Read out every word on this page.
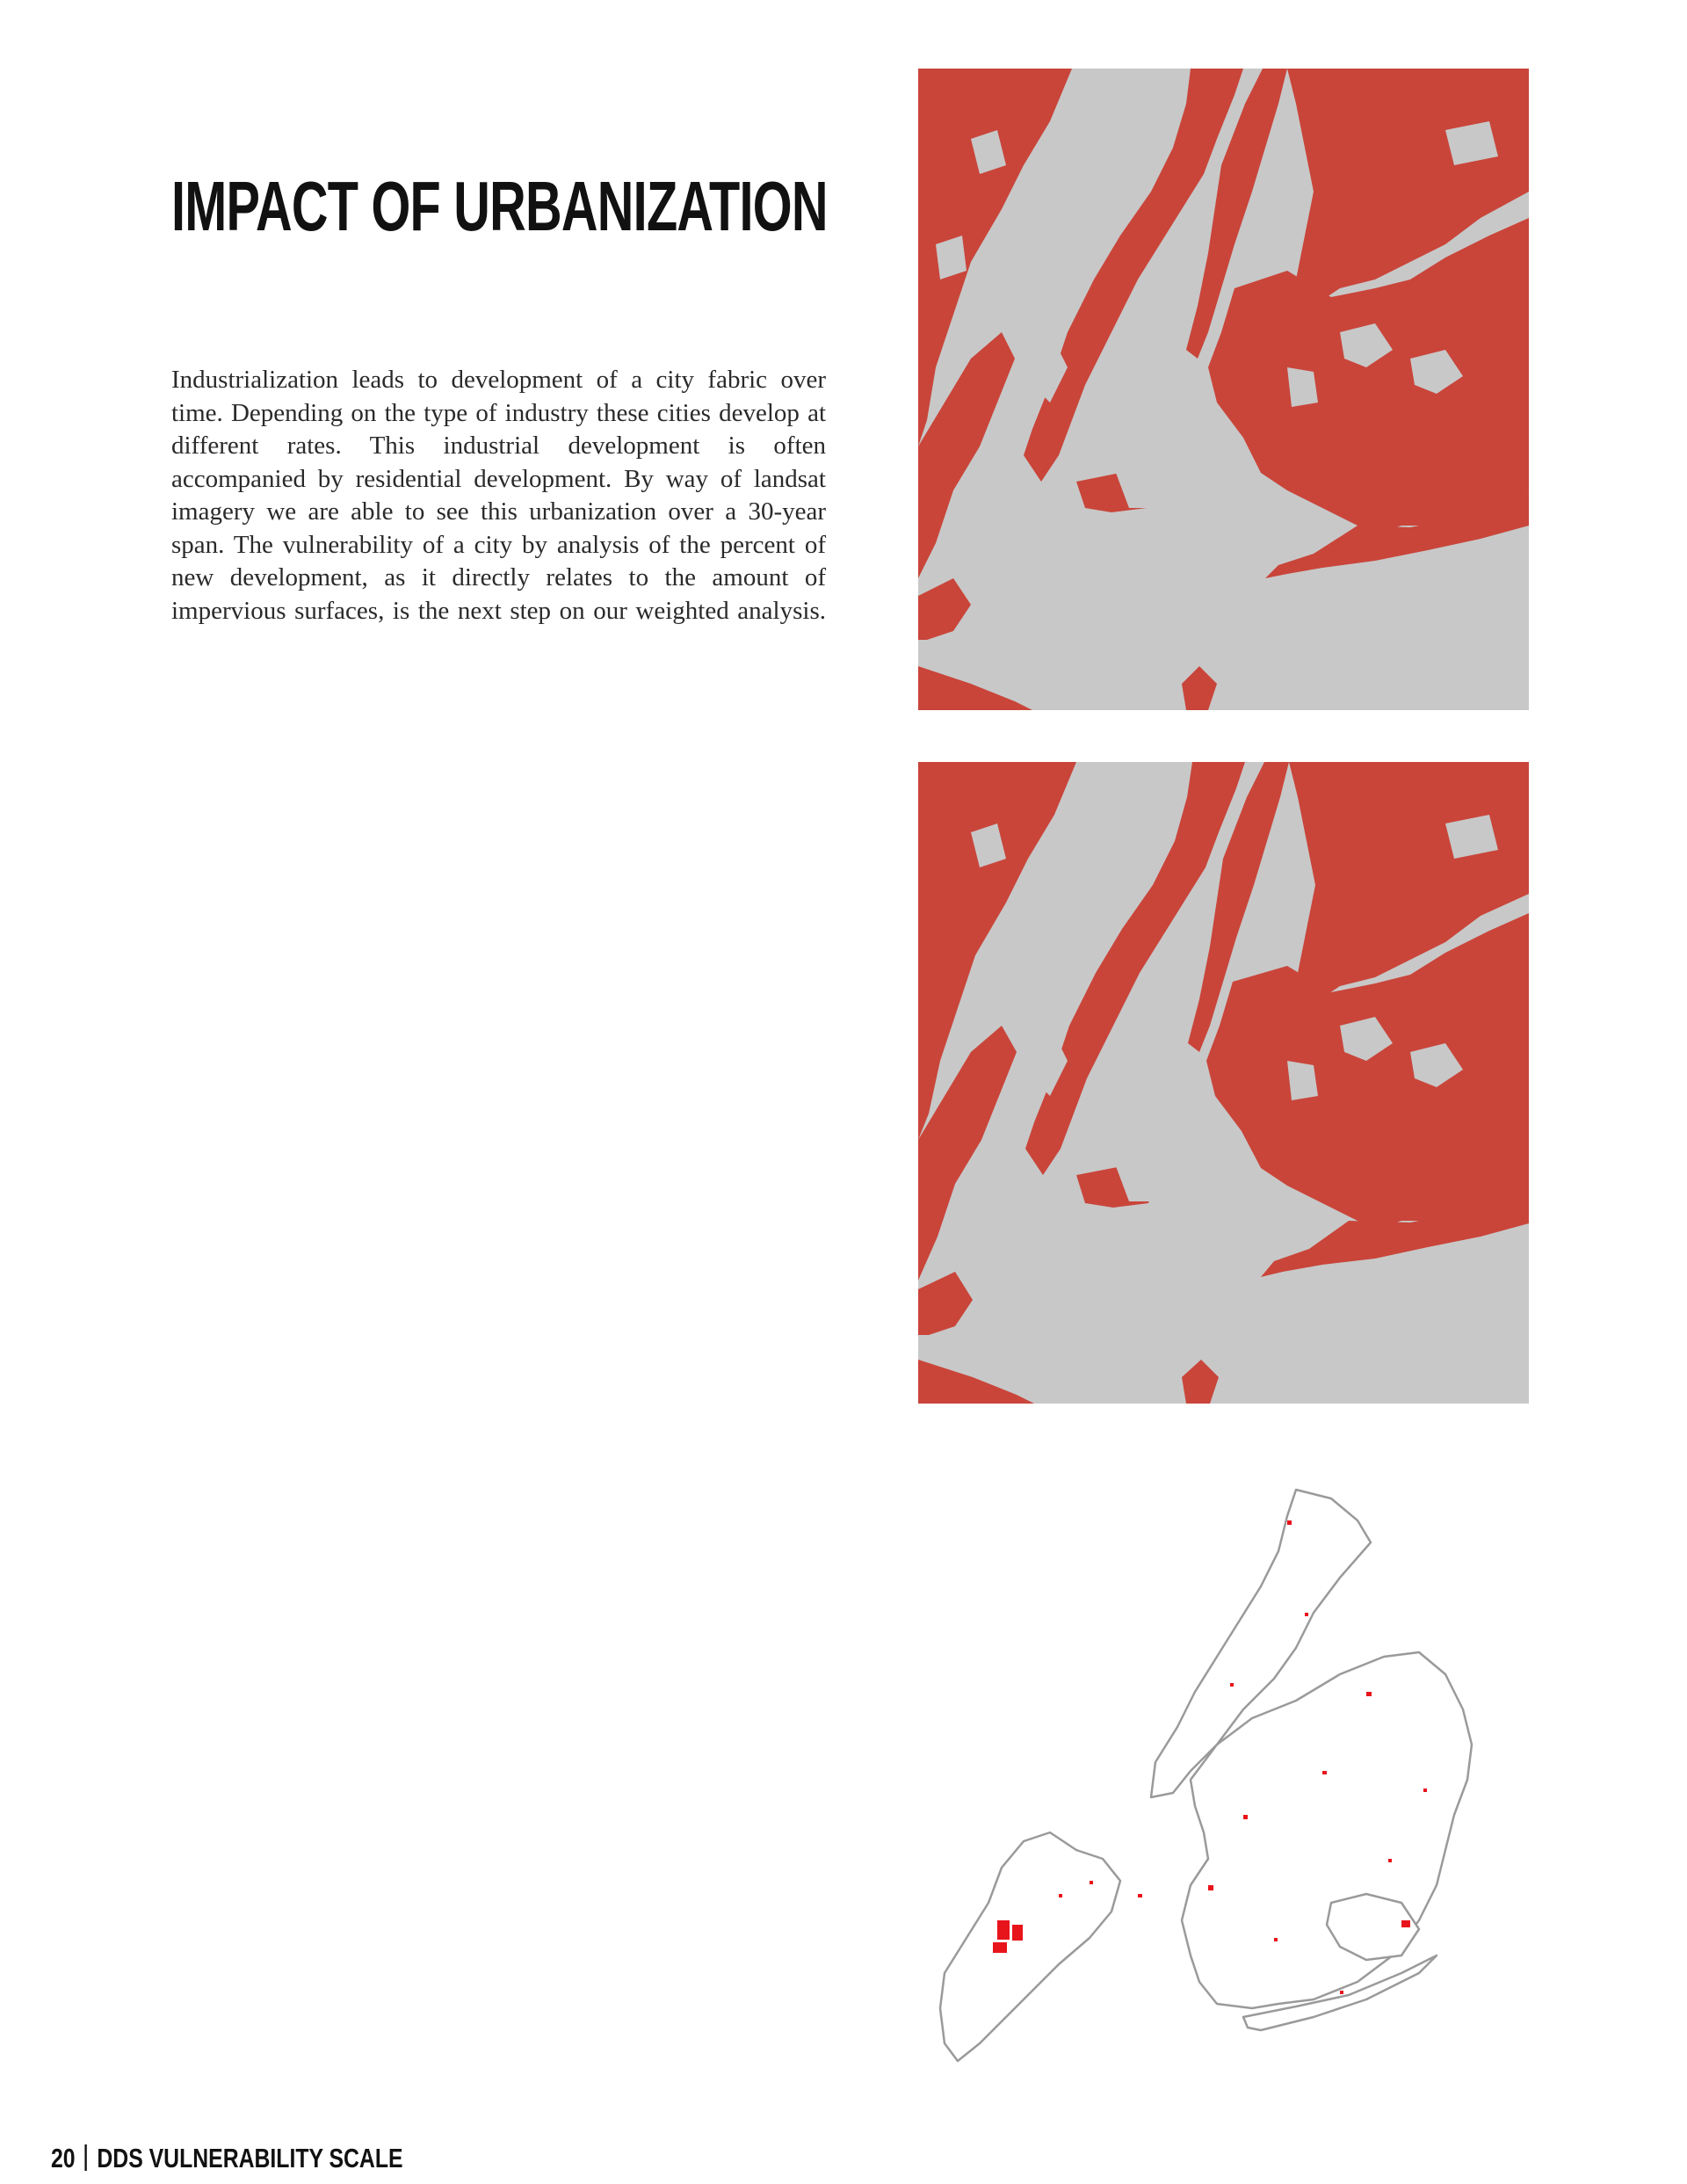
IMPACT OF URBANIZATION

Industrialization leads to development of a city fabric over time. Depending on the type of industry these cities develop at different rates. This industrial development is often accompanied by residential development. By way of landsat imagery we are able to see this urbanization over a 30-year span. The vulnerability of a city by analysis of the percent of new development, as it directly relates to the amount of impervious surfaces, is the next step on our weighted analysis.

20 DDS VULNERABILITY SCALE
